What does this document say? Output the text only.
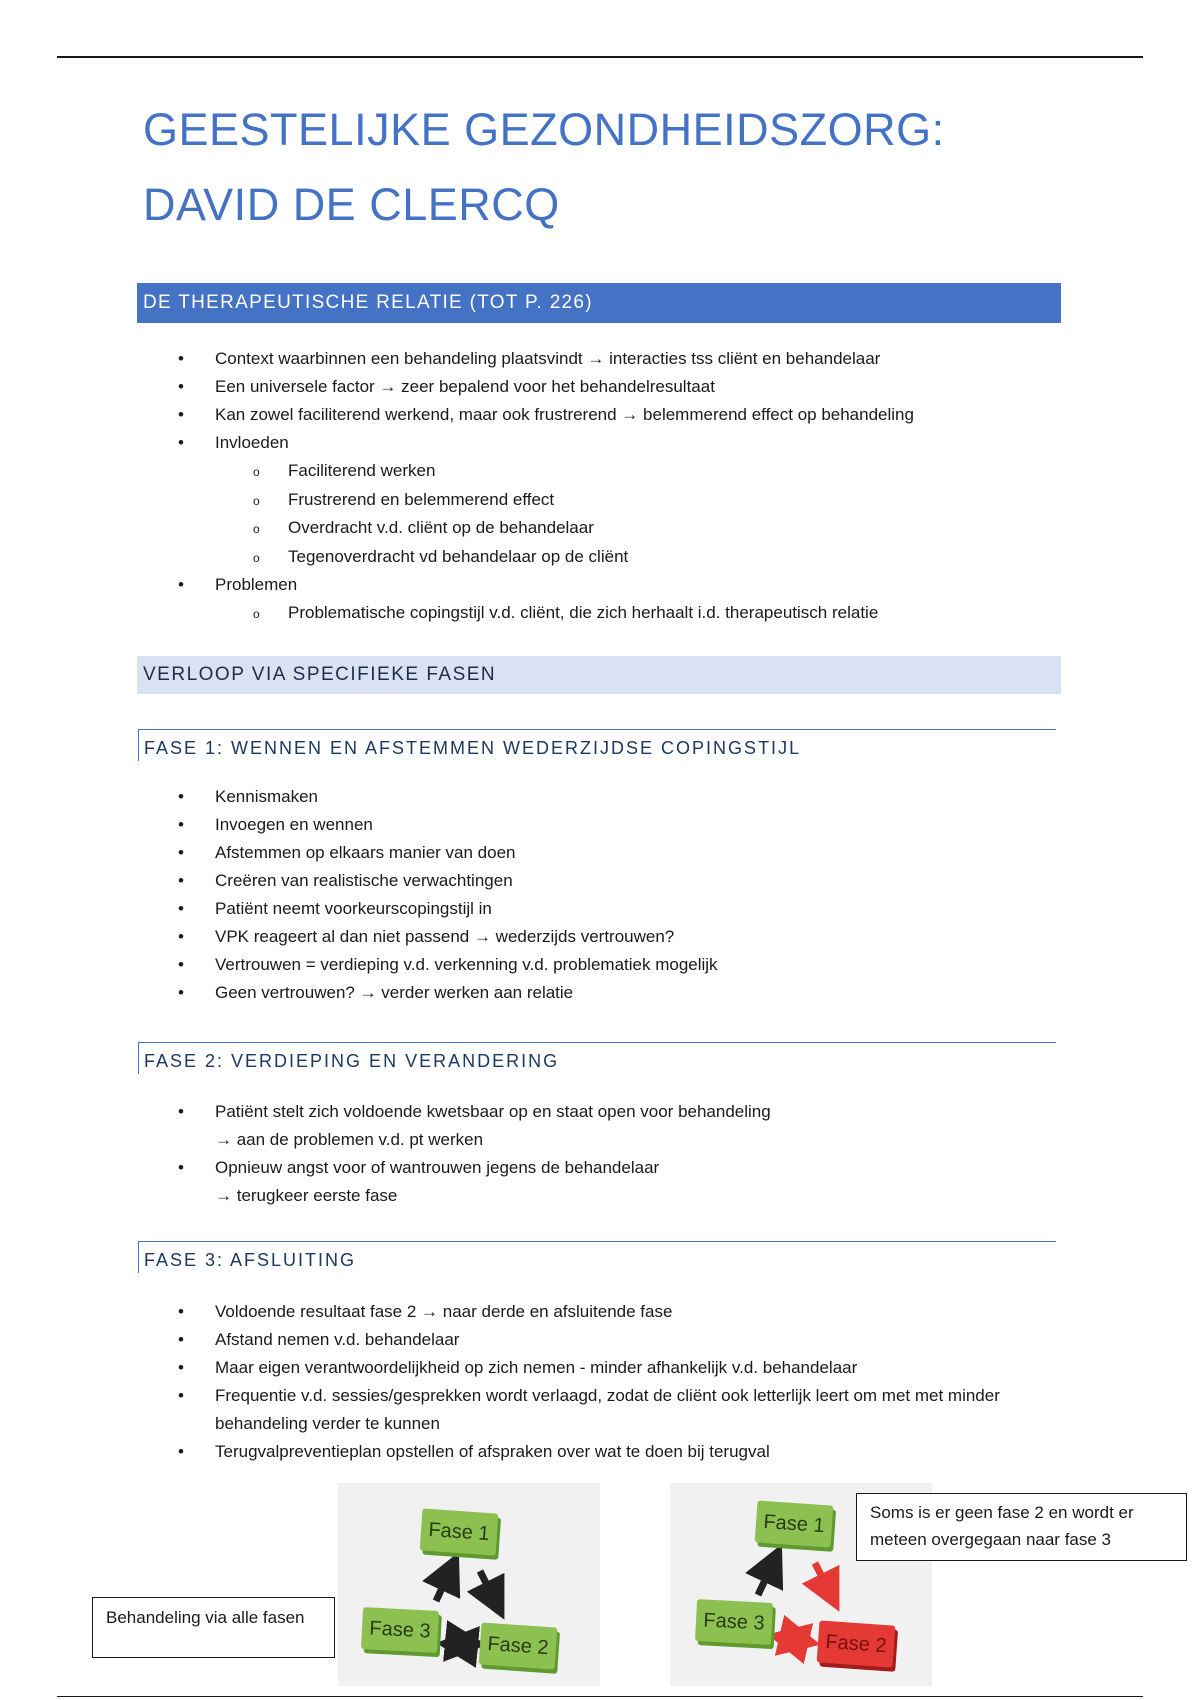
GEESTELIJKE GEZONDHEIDSZORG: DAVID DE CLERCQ
DE THERAPEUTISCHE RELATIE (TOT P. 226)
• Context waarbinnen een behandeling plaatsvindt → interacties tss cliënt en behandelaar
• Een universele factor → zeer bepalend voor het behandelresultaat
• Kan zowel faciliterend werkend, maar ook frustrerend → belemmerend effect op behandeling
• Invloeden
o Faciliterend werken
o Frustrerend en belemmerend effect
o Overdracht v.d. cliënt op de behandelaar
o Tegenoverdracht vd behandelaar op de cliënt
• Problemen
o Problematische copingstijl v.d. cliënt, die zich herhaalt i.d. therapeutisch relatie
VERLOOP VIA SPECIFIEKE FASEN
FASE 1: WENNEN EN AFSTEMMEN WEDERZIJDSE COPINGSTIJL
• Kennismaken
• Invoegen en wennen
• Afstemmen op elkaars manier van doen
• Creëren van realistische verwachtingen
• Patiënt neemt voorkeurscopingstijl in
• VPK reageert al dan niet passend → wederzijds vertrouwen?
• Vertrouwen = verdieping v.d. verkenning v.d. problematiek mogelijk
• Geen vertrouwen? → verder werken aan relatie
FASE 2: VERDIEPING EN VERANDERING
• Patiënt stelt zich voldoende kwetsbaar op en staat open voor behandeling
→ aan de problemen v.d. pt werken
• Opnieuw angst voor of wantrouwen jegens de behandelaar
→ terugkeer eerste fase
FASE 3: AFSLUITING
• Voldoende resultaat fase 2 → naar derde en afsluitende fase
• Afstand nemen v.d. behandelaar
• Maar eigen verantwoordelijkheid op zich nemen - minder afhankelijk v.d. behandelaar
• Frequentie v.d. sessies/gesprekken wordt verlaagd, zodat de cliënt ook letterlijk leert om met met minder behandeling verder te kunnen
• Terugvalpreventieplan opstellen of afspraken over wat te doen bij terugval
Fase 1
Fase 3
Fase 2
Fase 1
Fase 3
Fase 2
Behandeling via alle fasen
Soms is er geen fase 2 en wordt er meteen overgegaan naar fase 3
